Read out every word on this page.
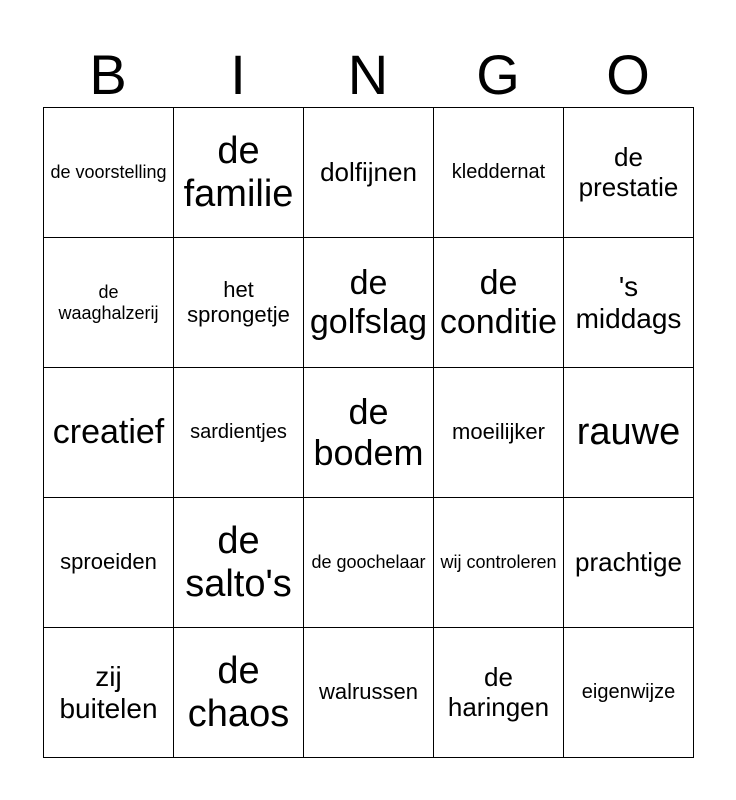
B	I	N	G	O
de voorstelling	de familie	dolfijnen	kleddernat	de prestatie
de waaghalzerij	het sprongetje	de golfslag	de conditie	's middags
creatief	sardientjes	de bodem	moeilijker	rauwe
sproeiden	de salto's	de goochelaar	wij controleren	prachtige
zij buitelen	de chaos	walrussen	de haringen	eigenwijze
